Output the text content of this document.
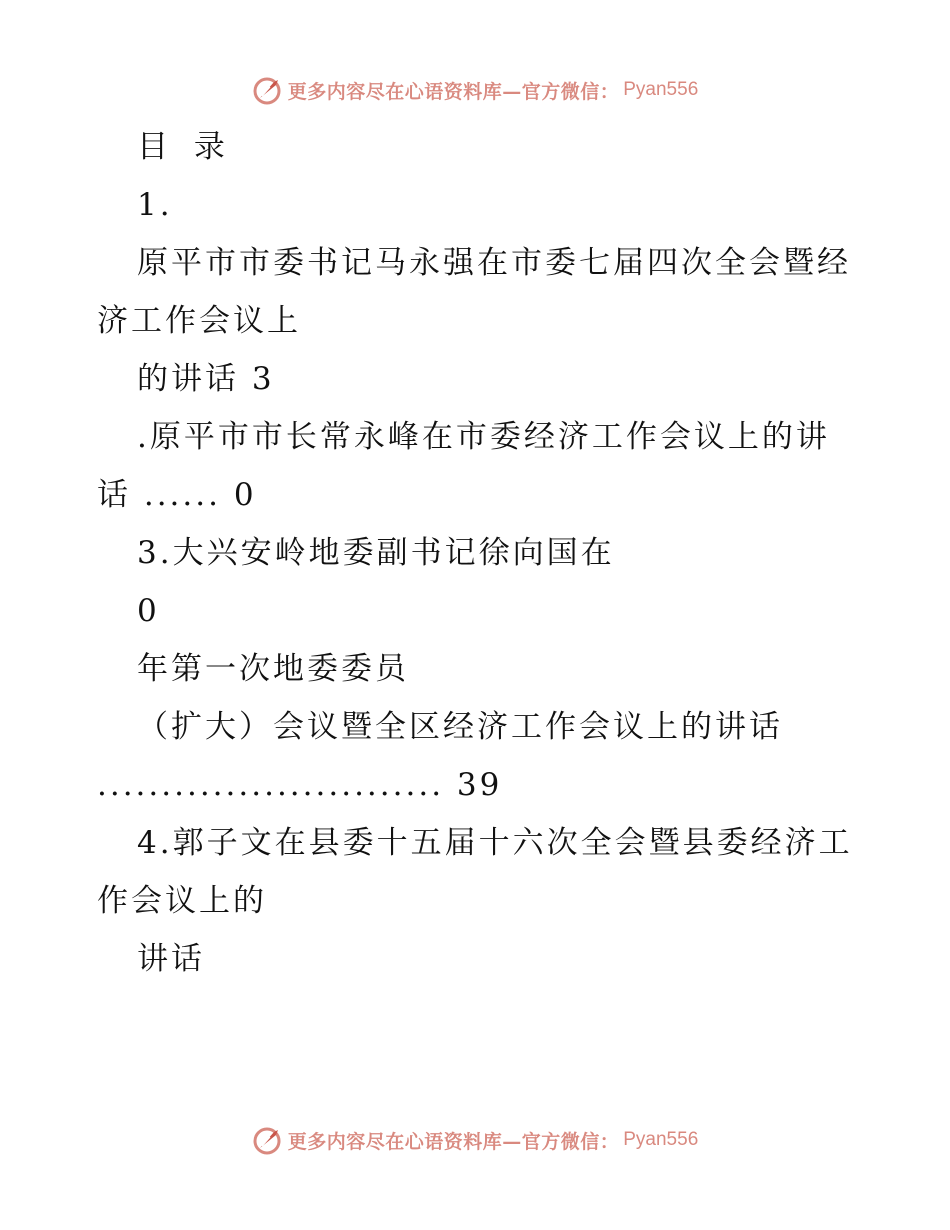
更多内容尽在心语资料库—官方微信： Pyan556
目 录
1.
原平市市委书记马永强在市委七届四次全会暨经
济工作会议上
的讲话 3
.原平市市长常永峰在市委经济工作会议上的讲
话 ...... 0
3.大兴安岭地委副书记徐向国在
0
年第一次地委委员
（扩大）会议暨全区经济工作会议上的讲话
........................... 39
4.郭子文在县委十五届十六次全会暨县委经济工
作会议上的
讲话
更多内容尽在心语资料库—官方微信： Pyan556
